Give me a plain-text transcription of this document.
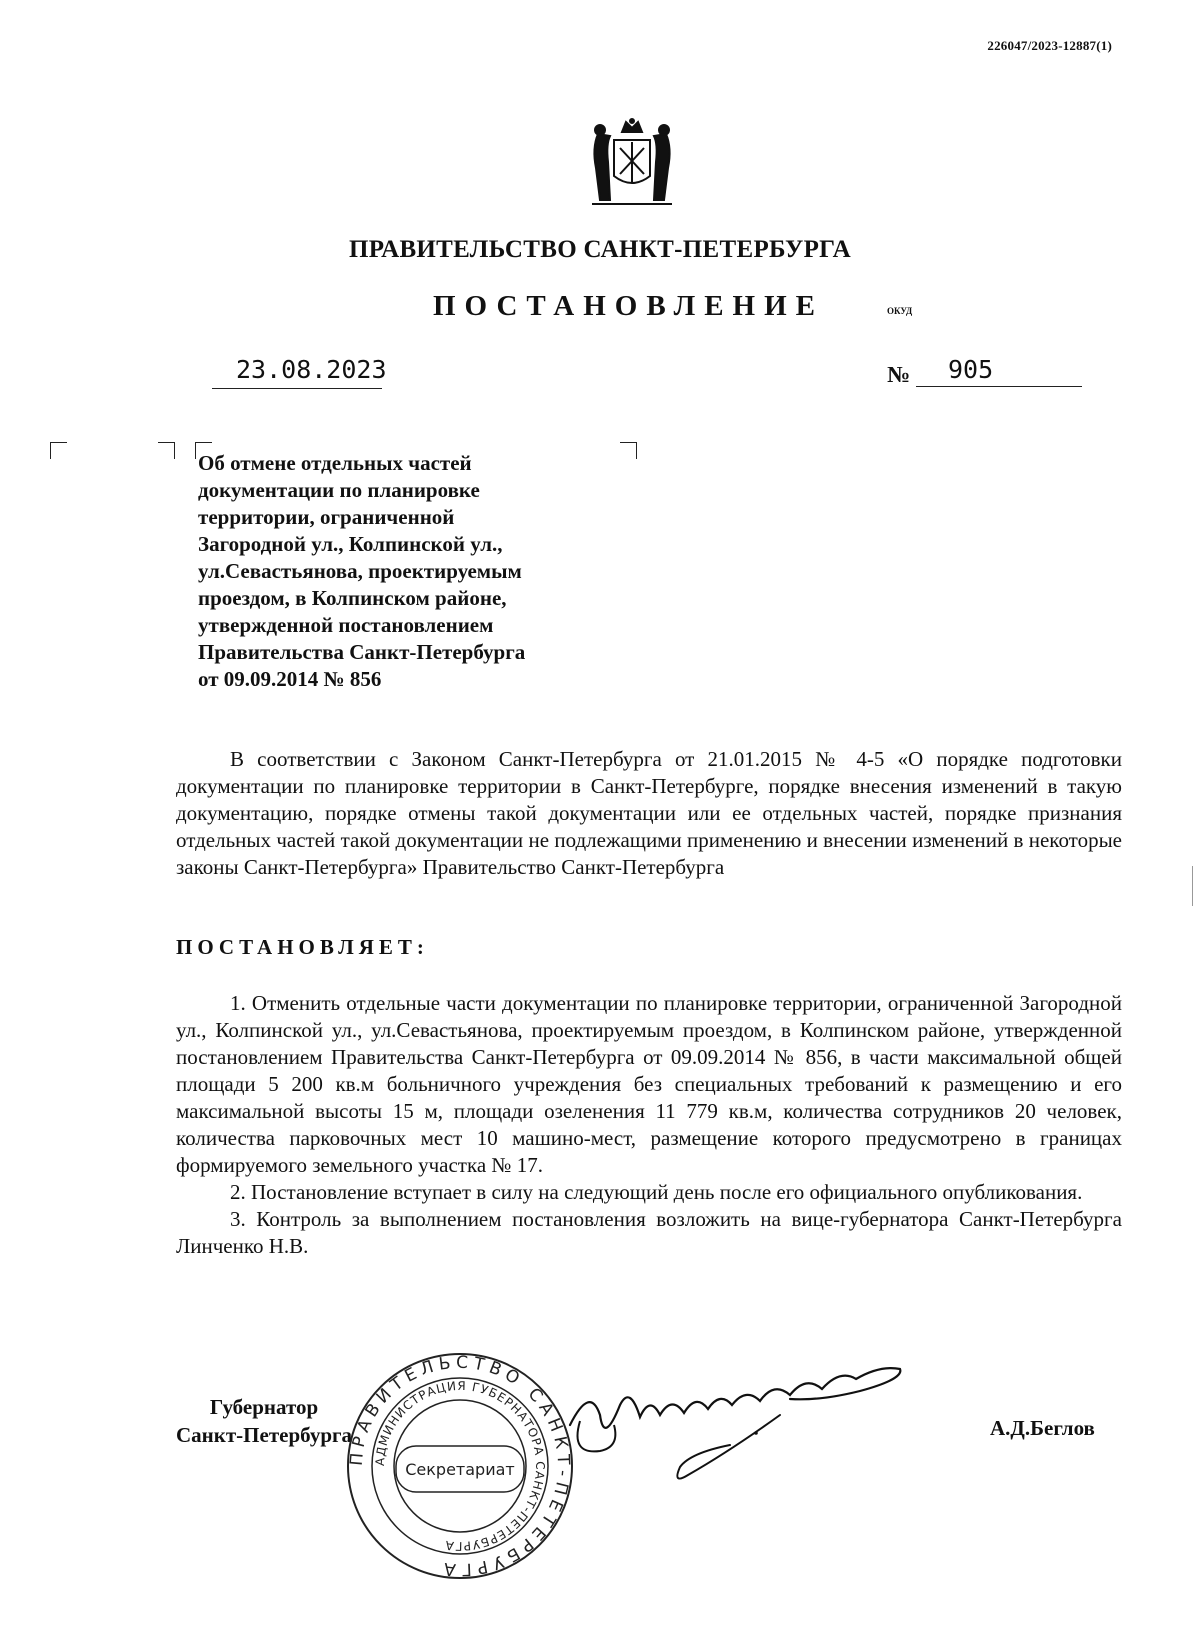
226047/2023-12887(1)
ПРАВИТЕЛЬСТВО САНКТ-ПЕТЕРБУРГА
ПОСТАНОВЛЕНИЕ	ОКУД
23.08.2023	№ 905
Об отмене отдельных частей
документации по планировке
территории, ограниченной
Загородной ул., Колпинской ул.,
ул.Севастьянова, проектируемым
проездом, в Колпинском районе,
утвержденной постановлением
Правительства Санкт-Петербурга
от 09.09.2014 № 856

В соответствии с Законом Санкт-Петербурга от 21.01.2015 № 4-5 «О порядке подготовки документации по планировке территории в Санкт-Петербурге, порядке внесения изменений в такую документацию, порядке отмены такой документации или ее отдельных частей, порядке признания отдельных частей такой документации не подлежащими применению и внесении изменений в некоторые законы Санкт-Петербурга» Правительство Санкт-Петербурга

ПОСТАНОВЛЯЕТ:

1. Отменить отдельные части документации по планировке территории, ограниченной Загородной ул., Колпинской ул., ул.Севастьянова, проектируемым проездом, в Колпинском районе, утвержденной постановлением Правительства Санкт-Петербурга от 09.09.2014 № 856, в части максимальной общей площади 5 200 кв.м больничного учреждения без специальных требований к размещению и его максимальной высоты 15 м, площади озеленения 11 779 кв.м, количества сотрудников 20 человек, количества парковочных мест 10 машино-мест, размещение которого предусмотрено в границах формируемого земельного участка № 17.

2. Постановление вступает в силу на следующий день после его официального опубликования.

3. Контроль за выполнением постановления возложить на вице-губернатора Санкт-Петербурга Линченко Н.В.

Губернатор
Санкт-Петербурга
ПРАВИТЕЛЬСТВО САНКТ-ПЕТЕРБУРГА
АДМИНИСТРАЦИЯ ГУБЕРНАТОРА САНКТ-ПЕТЕРБУРГА
Секретариат
А.Д.Беглов
